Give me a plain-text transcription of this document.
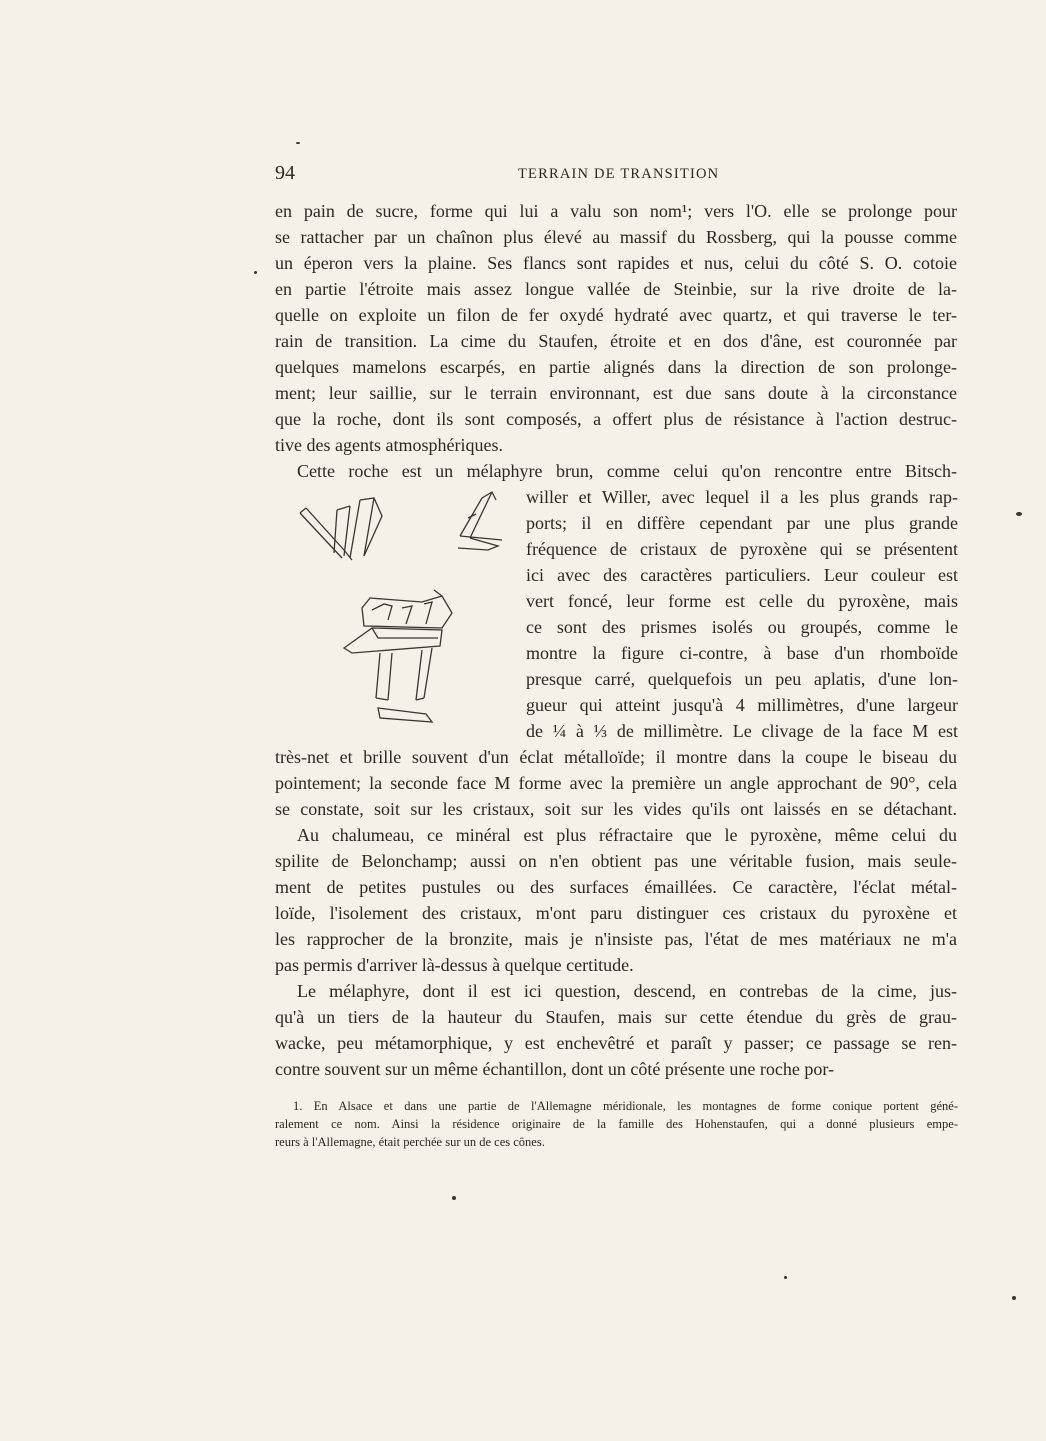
94	TERRAIN DE TRANSITION
en pain de sucre, forme qui lui a valu son nom¹; vers l'O. elle se prolonge pour
se rattacher par un chaînon plus élevé au massif du Rossberg, qui la pousse comme
un éperon vers la plaine. Ses flancs sont rapides et nus, celui du côté S. O. cotoie
en partie l'étroite mais assez longue vallée de Steinbie, sur la rive droite de la-
quelle on exploite un filon de fer oxydé hydraté avec quartz, et qui traverse le ter-
rain de transition. La cime du Staufen, étroite et en dos d'âne, est couronnée par
quelques mamelons escarpés, en partie alignés dans la direction de son prolonge-
ment; leur saillie, sur le terrain environnant, est due sans doute à la circonstance
que la roche, dont ils sont composés, a offert plus de résistance à l'action destruc-
tive des agents atmosphériques.
Cette roche est un mélaphyre brun, comme celui qu'on rencontre entre Bitsch-
willer et Willer, avec lequel il a les plus grands rap-
ports; il en diffère cependant par une plus grande
fréquence de cristaux de pyroxène qui se présentent
ici avec des caractères particuliers. Leur couleur est
vert foncé, leur forme est celle du pyroxène, mais
ce sont des prismes isolés ou groupés, comme le
montre la figure ci-contre, à base d'un rhomboïde
presque carré, quelquefois un peu aplatis, d'une lon-
gueur qui atteint jusqu'à 4 millimètres, d'une largeur
de ¼ à ⅓ de millimètre. Le clivage de la face M est
très-net et brille souvent d'un éclat métalloïde; il montre dans la coupe le biseau du
pointement; la seconde face M forme avec la première un angle approchant de 90°, cela
se constate, soit sur les cristaux, soit sur les vides qu'ils ont laissés en se détachant.
Au chalumeau, ce minéral est plus réfractaire que le pyroxène, même celui du
spilite de Belonchamp; aussi on n'en obtient pas une véritable fusion, mais seule-
ment de petites pustules ou des surfaces émaillées. Ce caractère, l'éclat métal-
loïde, l'isolement des cristaux, m'ont paru distinguer ces cristaux du pyroxène et
les rapprocher de la bronzite, mais je n'insiste pas, l'état de mes matériaux ne m'a
pas permis d'arriver là-dessus à quelque certitude.
Le mélaphyre, dont il est ici question, descend, en contrebas de la cime, jus-
qu'à un tiers de la hauteur du Staufen, mais sur cette étendue du grès de grau-
wacke, peu métamorphique, y est enchevêtré et paraît y passer; ce passage se ren-
contre souvent sur un même échantillon, dont un côté présente une roche por-
1. En Alsace et dans une partie de l'Allemagne méridionale, les montagnes de forme conique portent géné-
ralement ce nom. Ainsi la résidence originaire de la famille des Hohenstaufen, qui a donné plusieurs empe-
reurs à l'Allemagne, était perchée sur un de ces cônes.
